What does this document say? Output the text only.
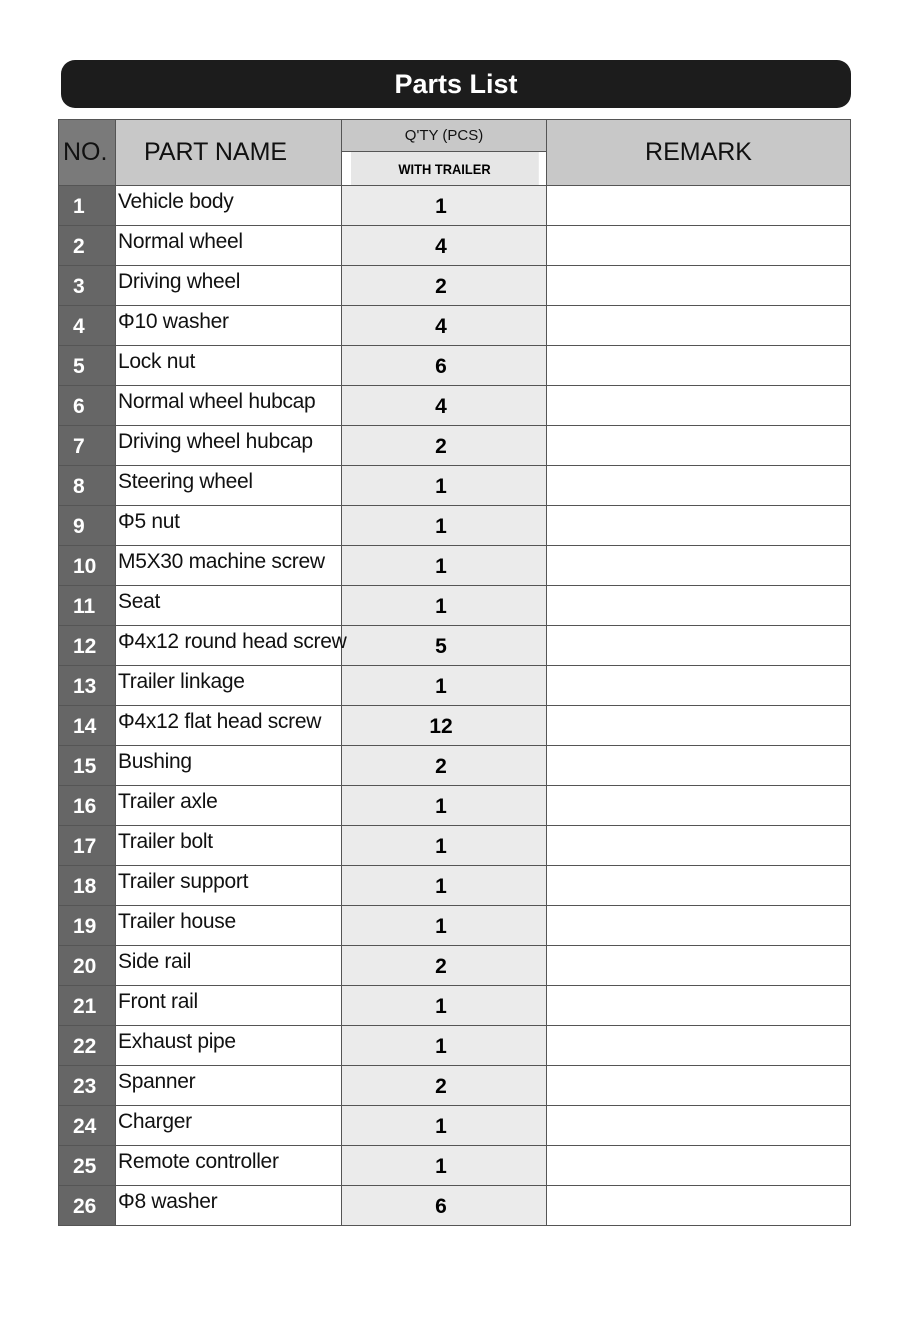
Parts List
NO.	PART NAME	Q'TY (PCS)	REMARK
		WITH TRAILER	
1	Vehicle body	1	
2	Normal wheel	4	
3	Driving wheel	2	
4	Φ10 washer	4	
5	Lock nut	6	
6	Normal wheel hubcap	4	
7	Driving wheel hubcap	2	
8	Steering wheel	1	
9	Φ5 nut	1	
10	M5X30 machine screw	1	
11	Seat	1	
12	Φ4x12 round head screw	5	
13	Trailer linkage	1	
14	Φ4x12 flat head screw	12	
15	Bushing	2	
16	Trailer axle	1	
17	Trailer bolt	1	
18	Trailer support	1	
19	Trailer house	1	
20	Side rail	2	
21	Front rail	1	
22	Exhaust pipe	1	
23	Spanner	2	
24	Charger	1	
25	Remote controller	1	
26	Φ8 washer	6	
